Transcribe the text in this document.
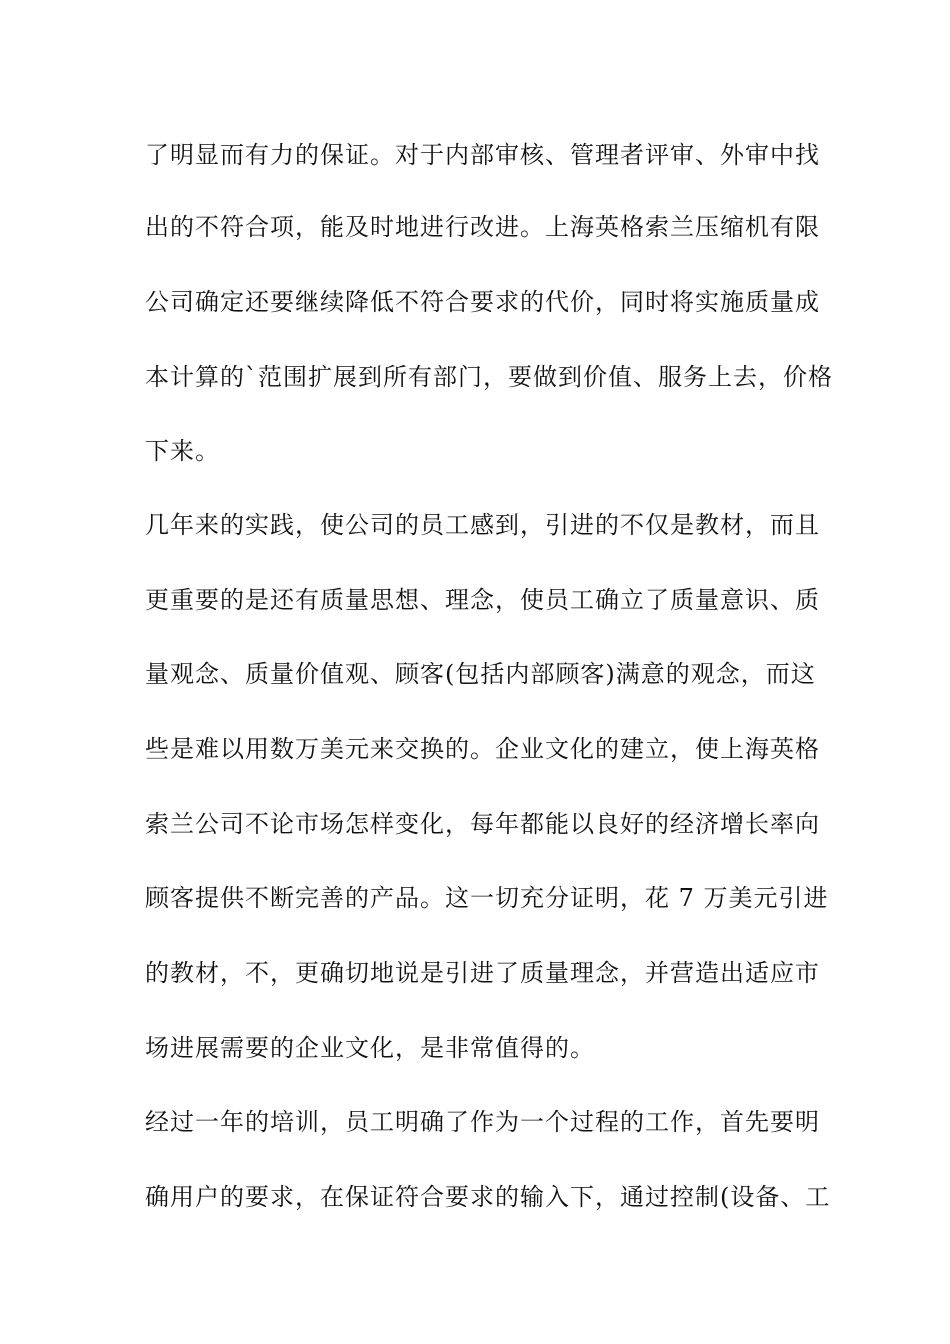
了明显而有力的保证。对于内部审核、管理者评审、外审中找
出的不符合项，能及时地进行改进。上海英格索兰压缩机有限
公司确定还要继续降低不符合要求的代价，同时将实施质量成
本计算的`范围扩展到所有部门，要做到价值、服务上去，价格
下来。
几年来的实践，使公司的员工感到，引进的不仅是教材，而且
更重要的是还有质量思想、理念，使员工确立了质量意识、质
量观念、质量价值观、顾客(包括内部顾客)满意的观念，而这
些是难以用数万美元来交换的。企业文化的建立，使上海英格
索兰公司不论市场怎样变化，每年都能以良好的经济增长率向
顾客提供不断完善的产品。这一切充分证明，花 7 万美元引进
的教材，不，更确切地说是引进了质量理念，并营造出适应市
场进展需要的企业文化，是非常值得的。
经过一年的培训，员工明确了作为一个过程的工作，首先要明
确用户的要求，在保证符合要求的输入下，通过控制(设备、工
